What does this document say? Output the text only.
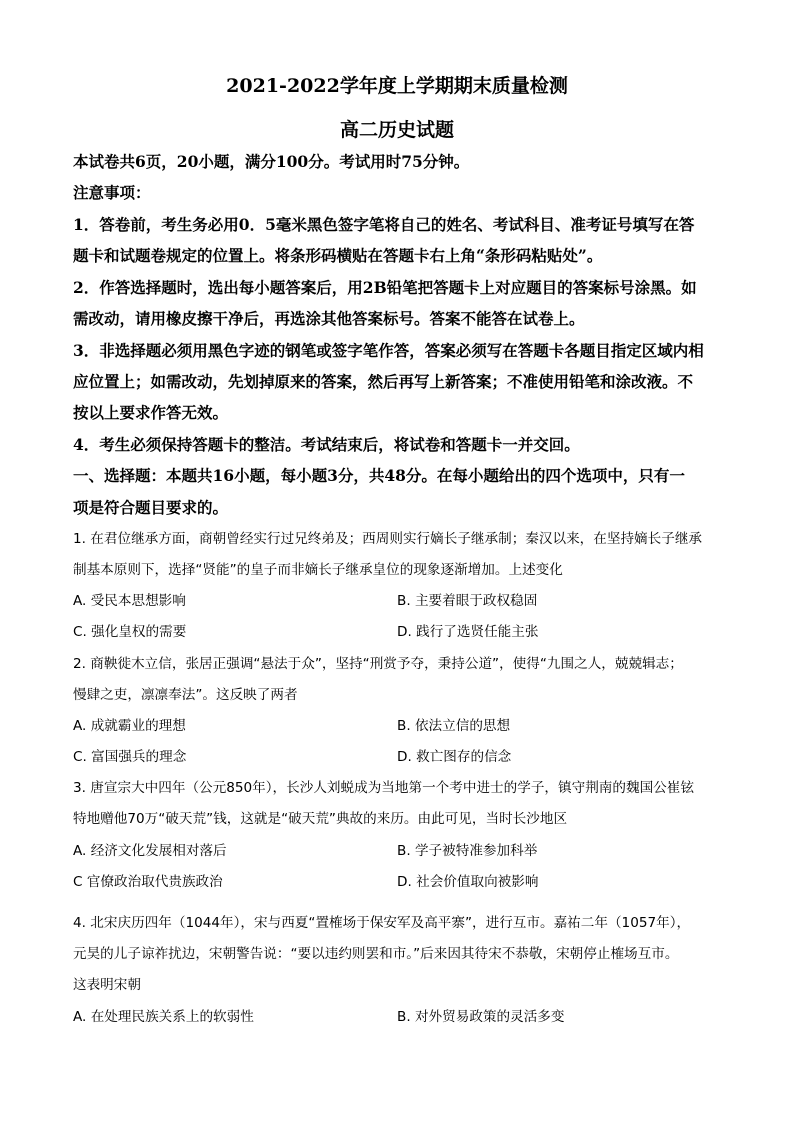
2021-2022学年度上学期期末质量检测
高二历史试题
本试卷共6页，20小题，满分100分。考试用时75分钟。
注意事项：
1．答卷前，考生务必用0．5毫米黑色签字笔将自己的姓名、考试科目、准考证号填写在答
题卡和试题卷规定的位置上。将条形码横贴在答题卡右上角“条形码粘贴处”。
2．作答选择题时，选出每小题答案后，用2B铅笔把答题卡上对应题目的答案标号涂黑。如
需改动，请用橡皮擦干净后，再选涂其他答案标号。答案不能答在试卷上。
3．非选择题必须用黑色字迹的钢笔或签字笔作答，答案必须写在答题卡各题目指定区域内相
应位置上；如需改动，先划掉原来的答案，然后再写上新答案；不准使用铅笔和涂改液。不
按以上要求作答无效。
4．考生必须保持答题卡的整洁。考试结束后，将试卷和答题卡一并交回。
一、选择题：本题共16小题，每小题3分，共48分。在每小题给出的四个选项中，只有一
项是符合题目要求的。
1. 在君位继承方面，商朝曾经实行过兄终弟及；西周则实行嫡长子继承制；秦汉以来，在坚持嫡长子继承
制基本原则下，选择“贤能”的皇子而非嫡长子继承皇位的现象逐渐增加。上述变化
A. 受民本思想影响	B. 主要着眼于政权稳固
C. 强化皇权的需要	D. 践行了选贤任能主张
2. 商鞅徙木立信，张居正强调“悬法于众”，坚持“刑赏予夺，秉持公道”，使得“九围之人，兢兢辑志；
慢肆之吏，凛凛奉法”。这反映了两者
A. 成就霸业的理想	B. 依法立信的思想
C. 富国强兵的理念	D. 救亡图存的信念
3. 唐宣宗大中四年（公元850年），长沙人刘蜕成为当地第一个考中进士的学子，镇守荆南的魏国公崔铉
特地赠他70万“破天荒”钱，这就是“破天荒”典故的来历。由此可见，当时长沙地区
A. 经济文化发展相对落后	B. 学子被特准参加科举
C 官僚政治取代贵族政治	D. 社会价值取向被影响
4. 北宋庆历四年（1044年），宋与西夏“置榷场于保安军及高平寨”，进行互市。嘉祐二年（1057年），
元昊的儿子谅祚扰边，宋朝警告说：“要以违约则罢和市。”后来因其待宋不恭敬，宋朝停止榷场互市。
这表明宋朝
A. 在处理民族关系上的软弱性	B. 对外贸易政策的灵活多变
